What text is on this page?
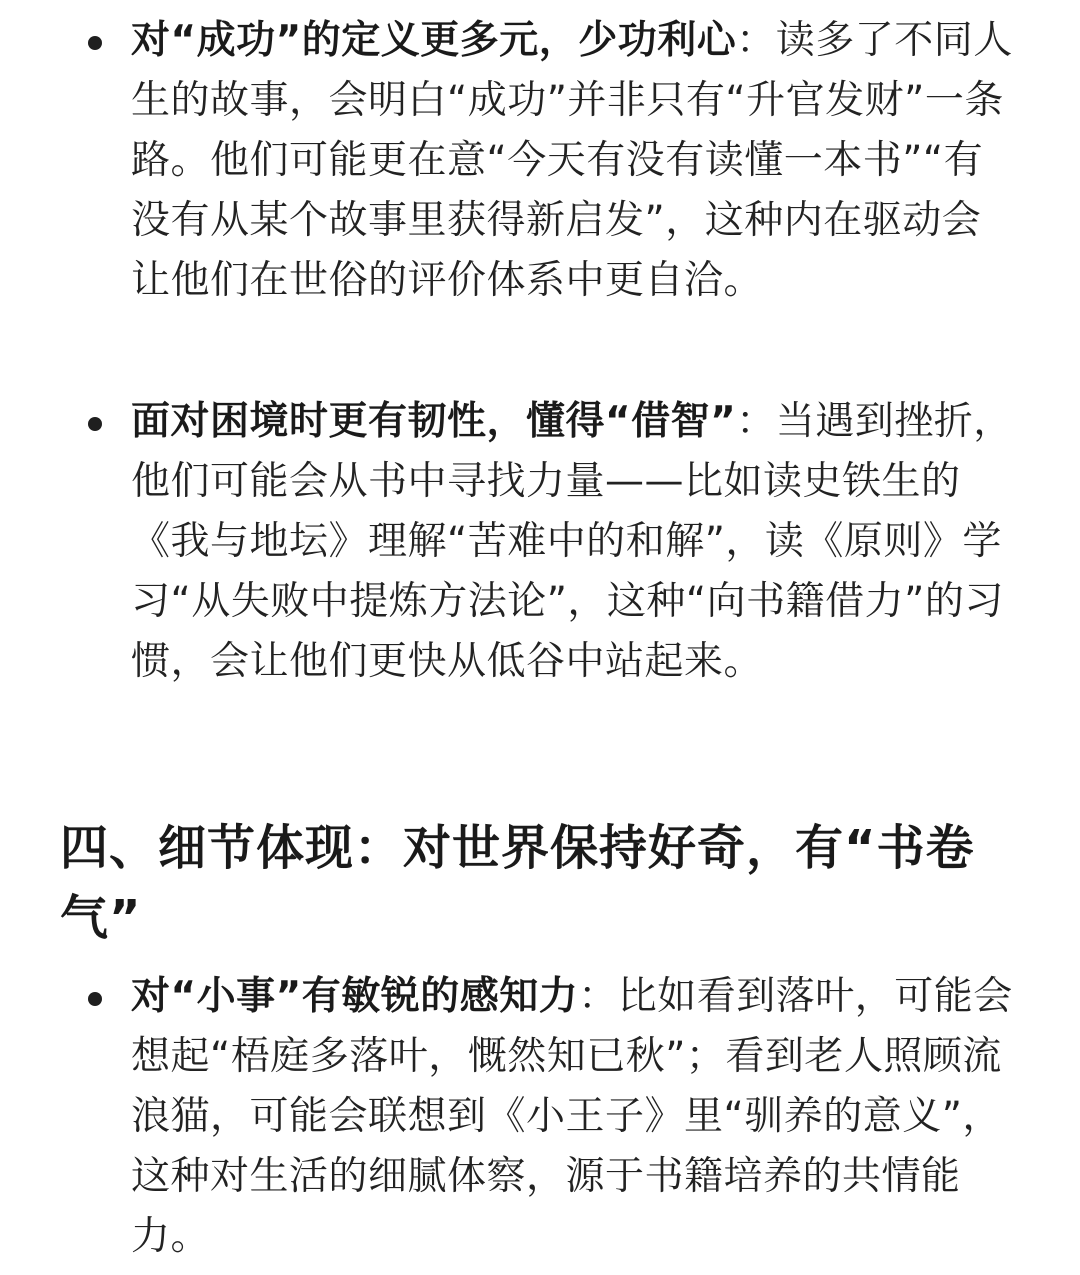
对“成功”的定义更多元，少功利心：读多了不同人生的故事，会明白“成功”并非只有“升官发财”一条路。他们可能更在意“今天有没有读懂一本书”“有没有从某个故事里获得新启发”，这种内在驱动会让他们在世俗的评价体系中更自洽。

面对困境时更有韧性，懂得“借智”：当遇到挫折，他们可能会从书中寻找力量——比如读史铁生的《我与地坛》理解“苦难中的和解”，读《原则》学习“从失败中提炼方法论”，这种“向书籍借力”的习惯，会让他们更快从低谷中站起来。

四、细节体现：对世界保持好奇，有“书卷气”

对“小事”有敏锐的感知力：比如看到落叶，可能会想起“梧庭多落叶，慨然知已秋”；看到老人照顾流浪猫，可能会联想到《小王子》里“驯养的意义”，这种对生活的细腻体察，源于书籍培养的共情能力。
